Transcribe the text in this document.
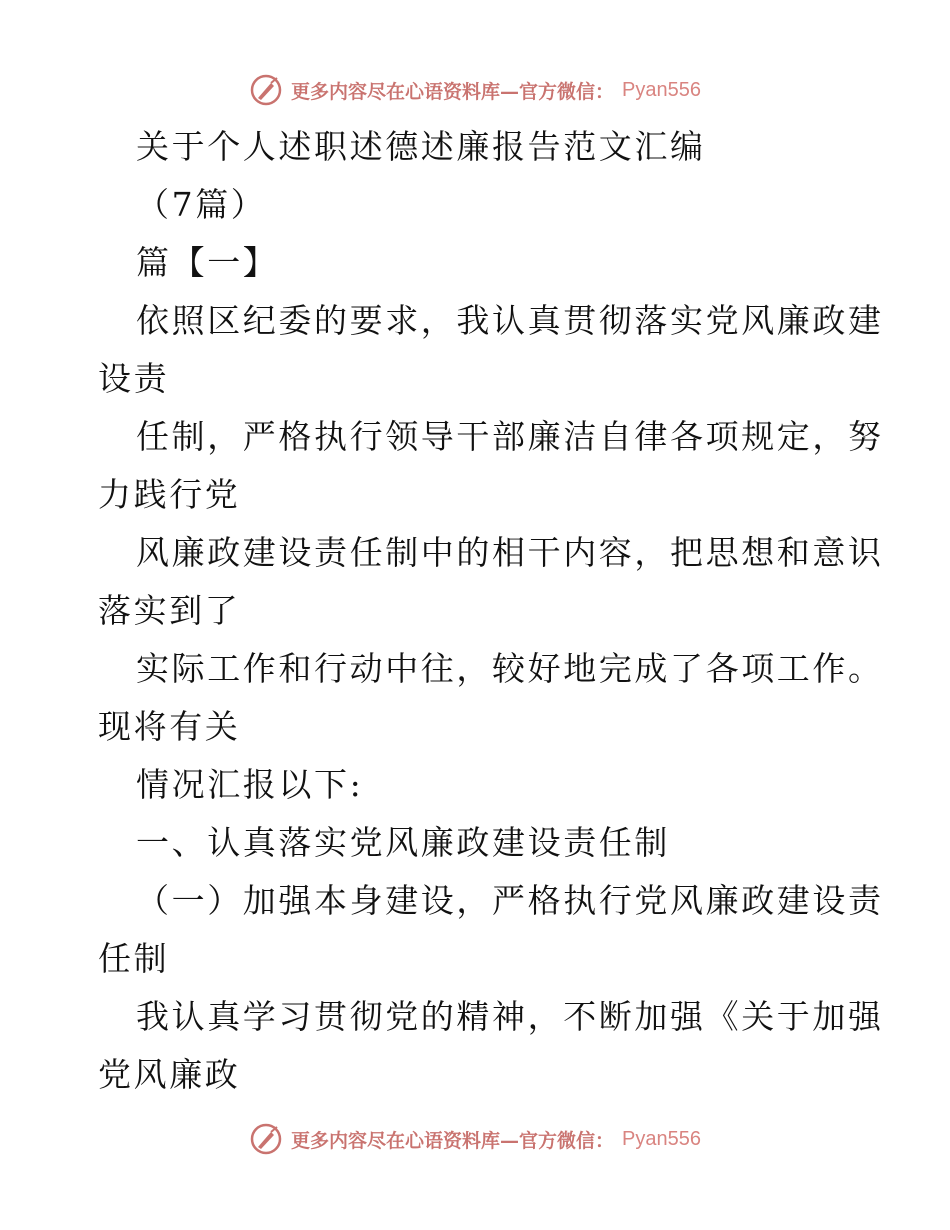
更多内容尽在心语资料库—官方微信： Pyan556
关于个人述职述德述廉报告范文汇编
（7篇）
篇【一】
依照区纪委的要求，我认真贯彻落实党风廉政建
设责
任制，严格执行领导干部廉洁自律各项规定，努
力践行党
风廉政建设责任制中的相干内容，把思想和意识
落实到了
实际工作和行动中往，较好地完成了各项工作。
现将有关
情况汇报以下:
一、认真落实党风廉政建设责任制
（一）加强本身建设，严格执行党风廉政建设责
任制
我认真学习贯彻党的精神，不断加强《关于加强
党风廉政
更多内容尽在心语资料库—官方微信： Pyan556
